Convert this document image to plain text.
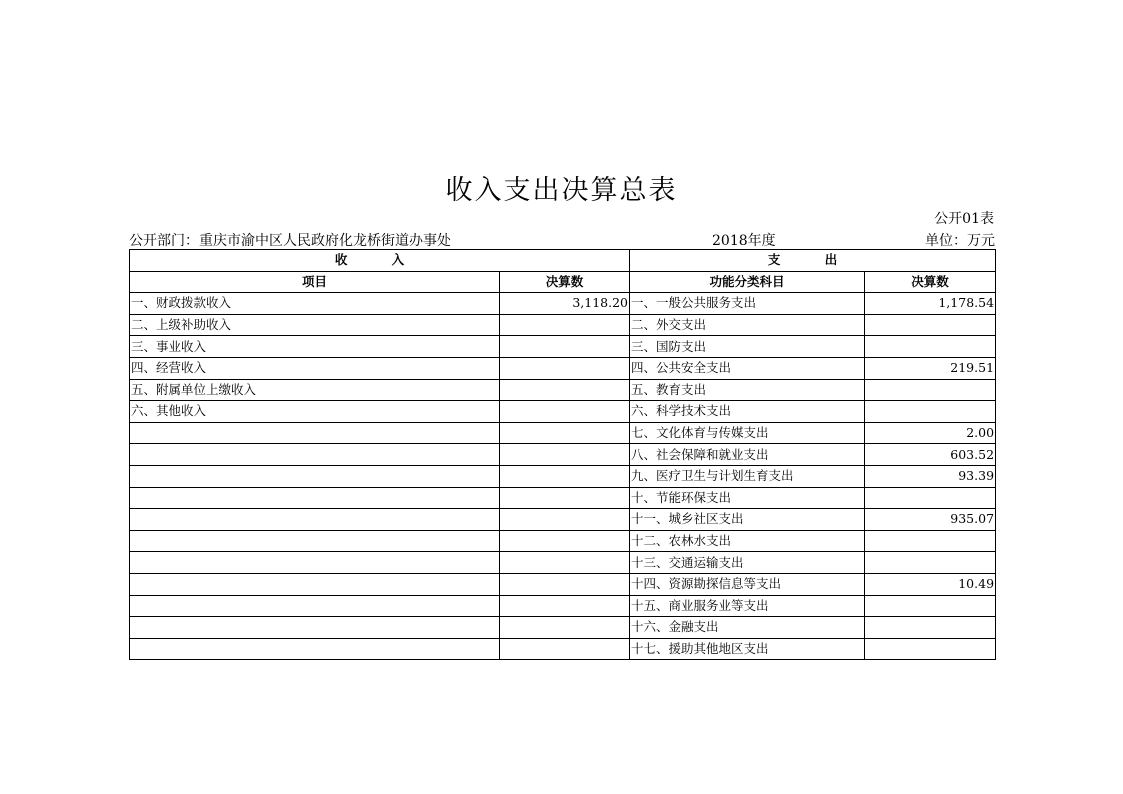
收入支出决算总表
公开01表
公开部门：重庆市渝中区人民政府化龙桥街道办事处	2018年度	单位：万元
收 入		支 出	
项目	决算数	功能分类科目	决算数
一、财政拨款收入	3,118.20	一、一般公共服务支出	1,178.54
二、上级补助收入		二、外交支出	
三、事业收入		三、国防支出	
四、经营收入		四、公共安全支出	219.51
五、附属单位上缴收入		五、教育支出	
六、其他收入		六、科学技术支出	
		七、文化体育与传媒支出	2.00
		八、社会保障和就业支出	603.52
		九、医疗卫生与计划生育支出	93.39
		十、节能环保支出	
		十一、城乡社区支出	935.07
		十二、农林水支出	
		十三、交通运输支出	
		十四、资源勘探信息等支出	10.49
		十五、商业服务业等支出	
		十六、金融支出	
		十七、援助其他地区支出	
